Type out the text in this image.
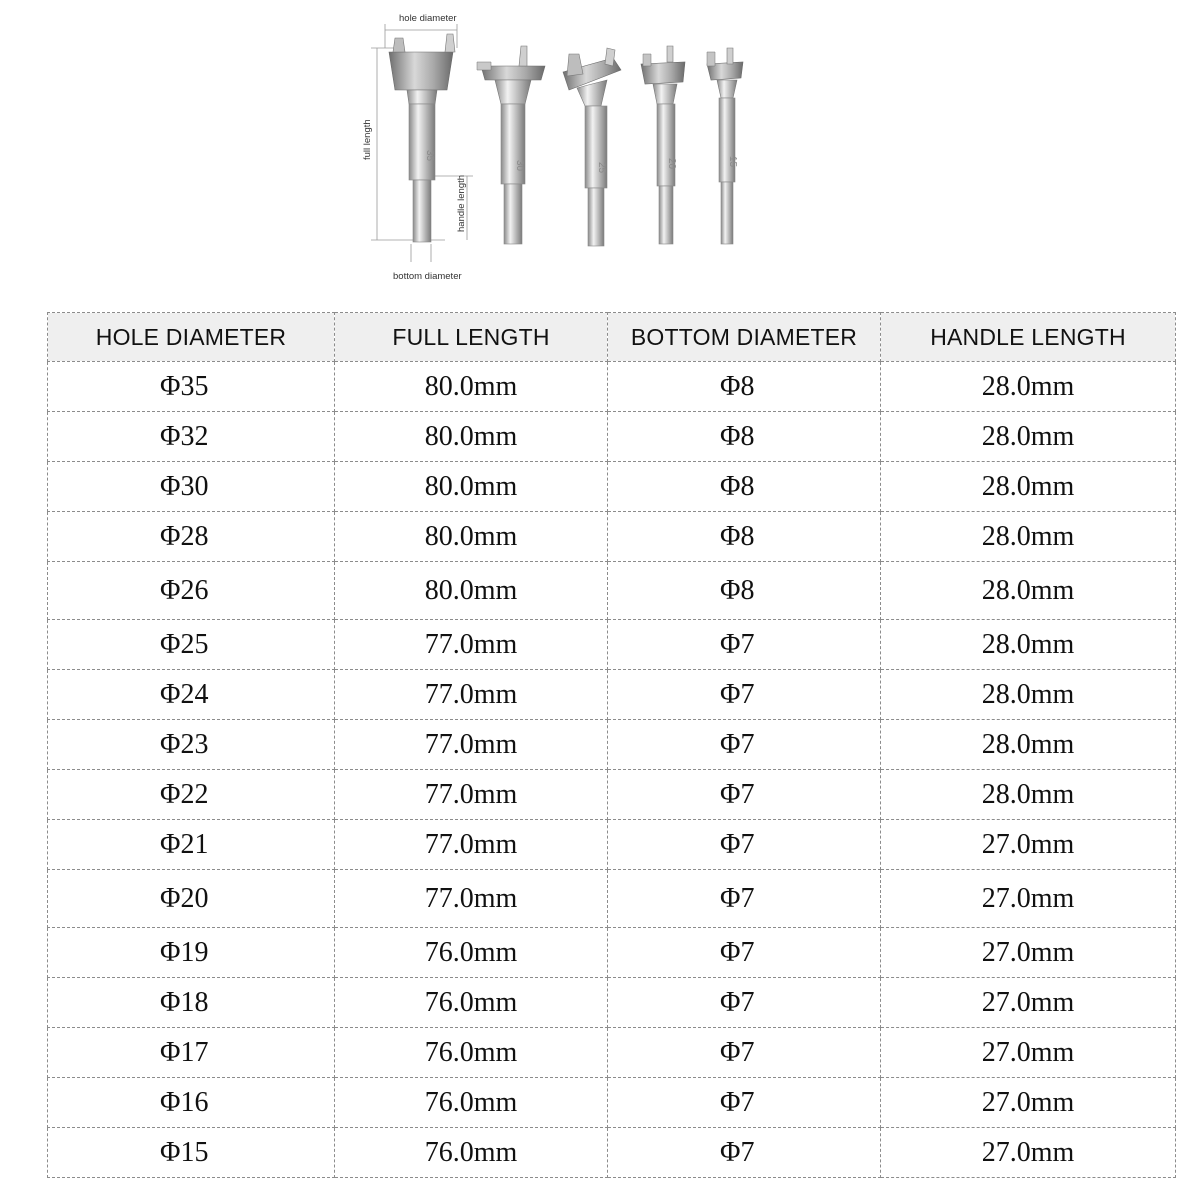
hole diameter
full length
handle length
bottom diameter
35
30	25	20	15
HOLE DIAMETER	FULL LENGTH	BOTTOM DIAMETER	HANDLE LENGTH
Φ35	80.0mm	Φ8	28.0mm
Φ32	80.0mm	Φ8	28.0mm
Φ30	80.0mm	Φ8	28.0mm
Φ28	80.0mm	Φ8	28.0mm
Φ26	80.0mm	Φ8	28.0mm
Φ25	77.0mm	Φ7	28.0mm
Φ24	77.0mm	Φ7	28.0mm
Φ23	77.0mm	Φ7	28.0mm
Φ22	77.0mm	Φ7	28.0mm
Φ21	77.0mm	Φ7	27.0mm
Φ20	77.0mm	Φ7	27.0mm
Φ19	76.0mm	Φ7	27.0mm
Φ18	76.0mm	Φ7	27.0mm
Φ17	76.0mm	Φ7	27.0mm
Φ16	76.0mm	Φ7	27.0mm
Φ15	76.0mm	Φ7	27.0mm
